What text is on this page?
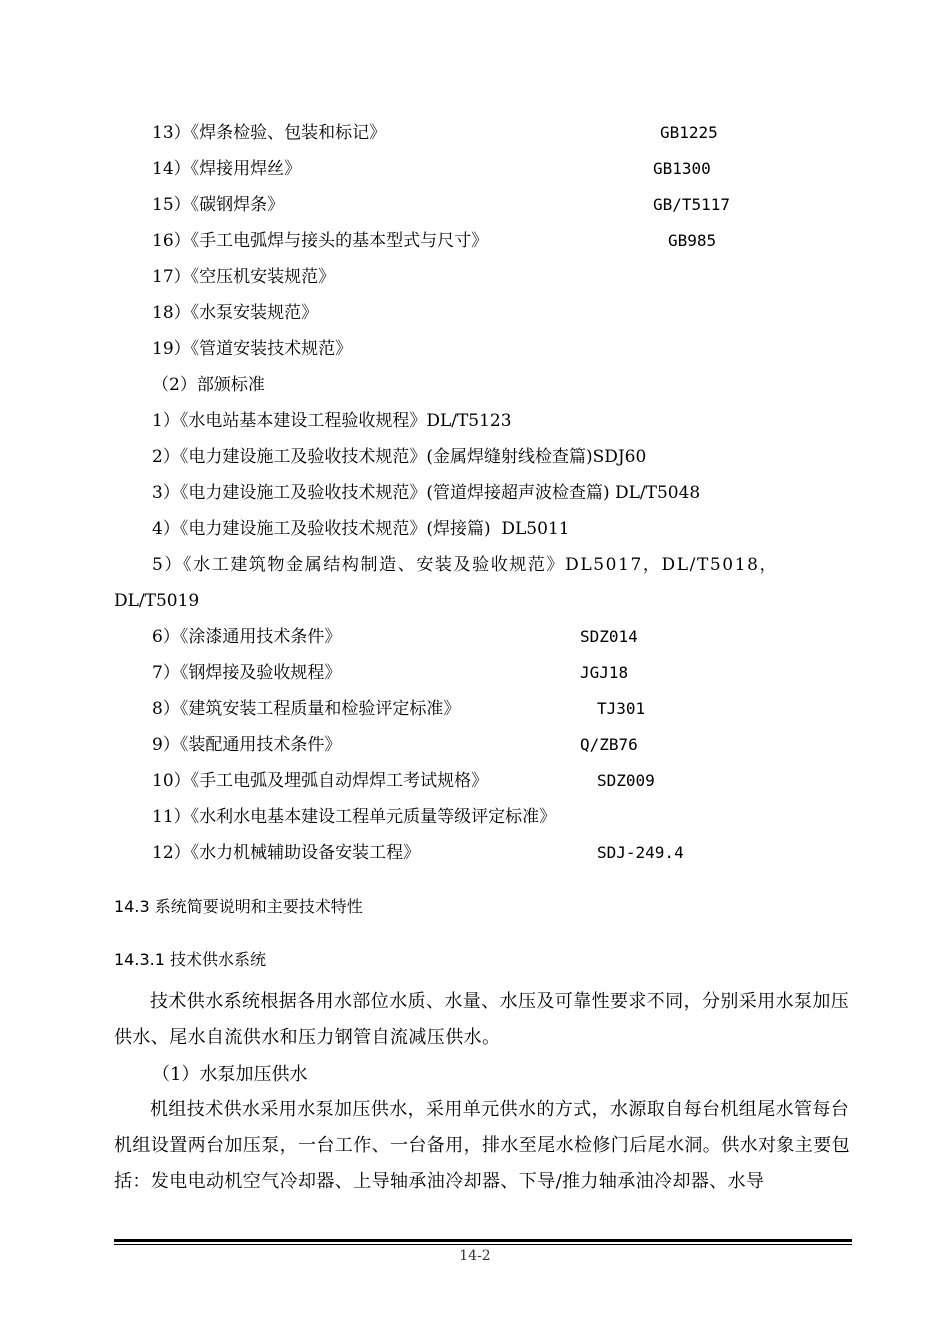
13）《焊条检验、包装和标记》	GB1225
14）《焊接用焊丝》	GB1300
15）《碳钢焊条》	GB/T5117
16）《手工电弧焊与接头的基本型式与尺寸》	GB985
17）《空压机安装规范》
18）《水泵安装规范》
19）《管道安装技术规范》
（2）部颁标准
1）《水电站基本建设工程验收规程》DL/T5123
2）《电力建设施工及验收技术规范》(金属焊缝射线检查篇)SDJ60
3）《电力建设施工及验收技术规范》(管道焊接超声波检查篇) DL/T5048
4）《电力建设施工及验收技术规范》(焊接篇)  DL5011
5）《水工建筑物金属结构制造、安装及验收规范》DL5017，DL/T5018，
DL/T5019
6）《涂漆通用技术条件》	SDZ014
7）《钢焊接及验收规程》	JGJ18
8）《建筑安装工程质量和检验评定标准》	TJ301
9）《装配通用技术条件》	Q/ZB76
10）《手工电弧及埋弧自动焊焊工考试规格》	SDZ009
11）《水利水电基本建设工程单元质量等级评定标准》
12）《水力机械辅助设备安装工程》	SDJ-249.4
14.3 系统简要说明和主要技术特性
14.3.1 技术供水系统
技术供水系统根据各用水部位水质、水量、水压及可靠性要求不同，分别采用水泵加压供水、尾水自流供水和压力钢管自流减压供水。
（1）水泵加压供水
机组技术供水采用水泵加压供水，采用单元供水的方式，水源取自每台机组尾水管每台机组设置两台加压泵，一台工作、一台备用，排水至尾水检修门后尾水洞。供水对象主要包括：发电电动机空气冷却器、上导轴承油冷却器、下导/推力轴承油冷却器、水导
14-2
